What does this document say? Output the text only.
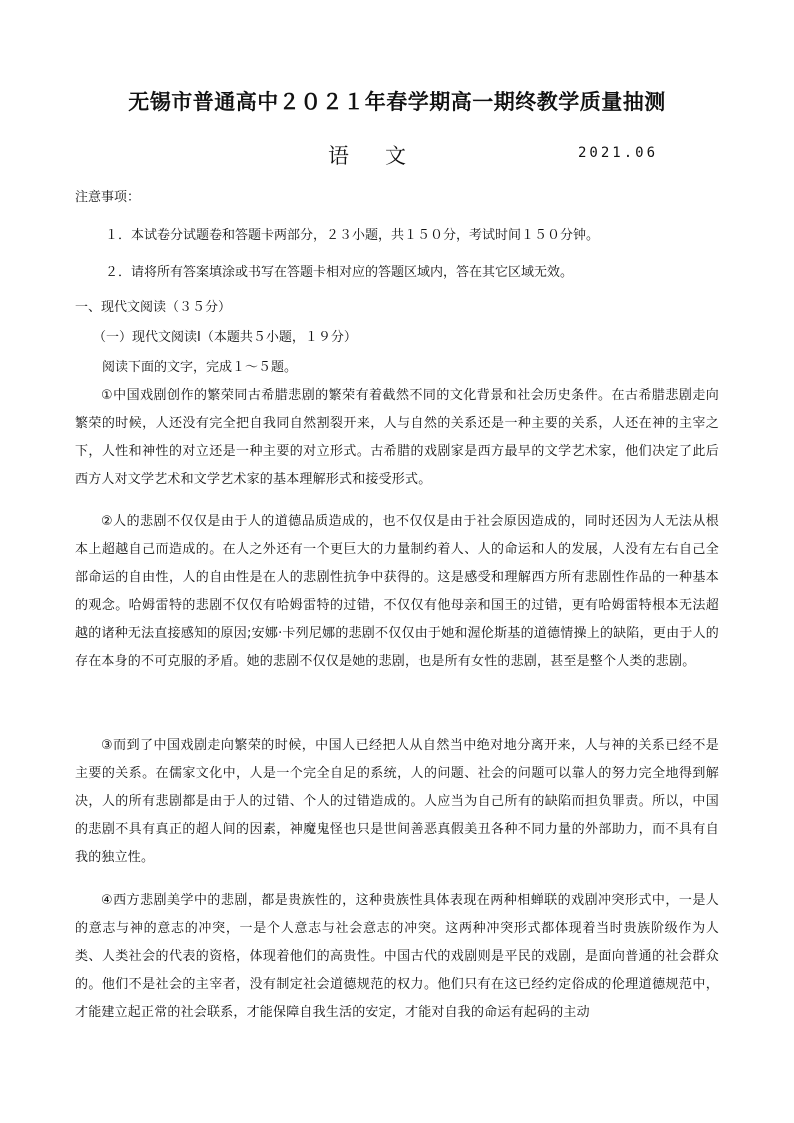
无锡市普通高中２０２１年春学期高一期终教学质量抽测
语文	2021.06
注意事项：
１．本试卷分试题卷和答题卡两部分，２３小题，共１５０分，考试时间１５０分钟。
２．请将所有答案填涂或书写在答题卡相对应的答题区域内，答在其它区域无效。
一、现代文阅读（３５分）
（一）现代文阅读Ⅰ（本题共５小题，１９分）
阅读下面的文字，完成１～５题。
①中国戏剧创作的繁荣同古希腊悲剧的繁荣有着截然不同的文化背景和社会历史条件。在古希腊悲剧走向繁荣的时候，人还没有完全把自我同自然割裂开来，人与自然的关系还是一种主要的关系，人还在神的主宰之下，人性和神性的对立还是一种主要的对立形式。古希腊的戏剧家是西方最早的文学艺术家，他们决定了此后西方人对文学艺术和文学艺术家的基本理解形式和接受形式。
②人的悲剧不仅仅是由于人的道德品质造成的，也不仅仅是由于社会原因造成的，同时还因为人无法从根本上超越自己而造成的。在人之外还有一个更巨大的力量制约着人、人的命运和人的发展，人没有左右自己全部命运的自由性，人的自由性是在人的悲剧性抗争中获得的。这是感受和理解西方所有悲剧性作品的一种基本的观念。哈姆雷特的悲剧不仅仅有哈姆雷特的过错，不仅仅有他母亲和国王的过错，更有哈姆雷特根本无法超越的诸种无法直接感知的原因;安娜·卡列尼娜的悲剧不仅仅由于她和渥伦斯基的道德情操上的缺陷，更由于人的存在本身的不可克服的矛盾。她的悲剧不仅仅是她的悲剧，也是所有女性的悲剧，甚至是整个人类的悲剧。
③而到了中国戏剧走向繁荣的时候，中国人已经把人从自然当中绝对地分离开来，人与神的关系已经不是主要的关系。在儒家文化中，人是一个完全自足的系统，人的问题、社会的问题可以靠人的努力完全地得到解决，人的所有悲剧都是由于人的过错、个人的过错造成的。人应当为自己所有的缺陷而担负罪责。所以，中国的悲剧不具有真正的超人间的因素，神魔鬼怪也只是世间善恶真假美丑各种不同力量的外部助力，而不具有自我的独立性。
④西方悲剧美学中的悲剧，都是贵族性的，这种贵族性具体表现在两种相蝉联的戏剧冲突形式中，一是人的意志与神的意志的冲突，一是个人意志与社会意志的冲突。这两种冲突形式都体现着当时贵族阶级作为人类、人类社会的代表的资格，体现着他们的高贵性。中国古代的戏剧则是平民的戏剧，是面向普通的社会群众的。他们不是社会的主宰者，没有制定社会道德规范的权力。他们只有在这已经约定俗成的伦理道德规范中，才能建立起正常的社会联系，才能保障自我生活的安定，才能对自我的命运有起码的主动
